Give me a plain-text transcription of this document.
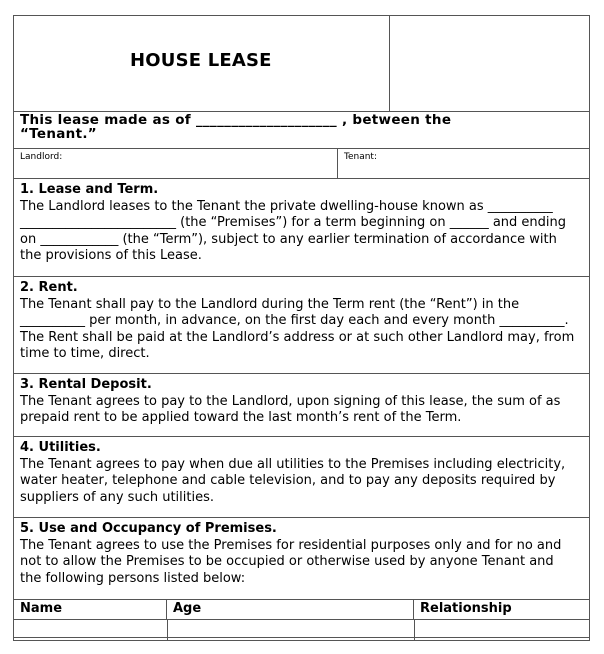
HOUSE LEASE
This lease made as of ____________________ , between the “Tenant.”
Landlord:	Tenant:
1. Lease and Term.
The Landlord leases to the Tenant the private dwelling-house known as __________ ________________________ (the “Premises”) for a term beginning on ______ and ending on ____________ (the “Term”), subject to any earlier termination of accordance with the provisions of this Lease.
2. Rent.
The Tenant shall pay to the Landlord during the Term rent (the “Rent”) in the __________ per month, in advance, on the first day each and every month __________. The Rent shall be paid at the Landlord’s address or at such other Landlord may, from time to time, direct.
3. Rental Deposit.
The Tenant agrees to pay to the Landlord, upon signing of this lease, the sum of as prepaid rent to be applied toward the last month’s rent of the Term.
4. Utilities.
The Tenant agrees to pay when due all utilities to the Premises including electricity, water heater, telephone and cable television, and to pay any deposits required by suppliers of any such utilities.
5. Use and Occupancy of Premises.
The Tenant agrees to use the Premises for residential purposes only and for no and not to allow the Premises to be occupied or otherwise used by anyone Tenant and the following persons listed below:
Name	Age	Relationship
